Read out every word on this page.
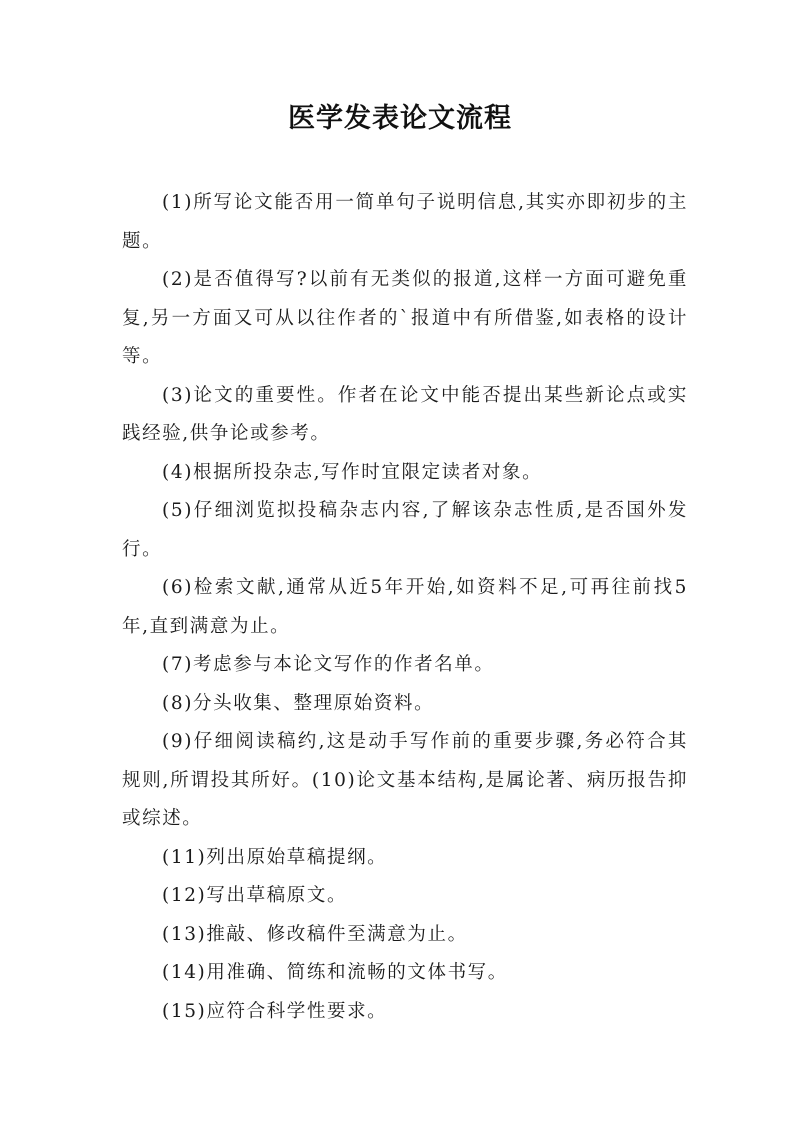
医学发表论文流程

(1)所写论文能否用一简单句子说明信息,其实亦即初步的主题。

(2)是否值得写?以前有无类似的报道,这样一方面可避免重复,另一方面又可从以往作者的`报道中有所借鉴,如表格的设计等。

(3)论文的重要性。作者在论文中能否提出某些新论点或实践经验,供争论或参考。

(4)根据所投杂志,写作时宜限定读者对象。

(5)仔细浏览拟投稿杂志内容,了解该杂志性质,是否国外发行。

(6)检索文献,通常从近5年开始,如资料不足,可再往前找5年,直到满意为止。

(7)考虑参与本论文写作的作者名单。

(8)分头收集、整理原始资料。

(9)仔细阅读稿约,这是动手写作前的重要步骤,务必符合其规则,所谓投其所好。(10)论文基本结构,是属论著、病历报告抑或综述。

(11)列出原始草稿提纲。

(12)写出草稿原文。

(13)推敲、修改稿件至满意为止。

(14)用准确、简练和流畅的文体书写。

(15)应符合科学性要求。
